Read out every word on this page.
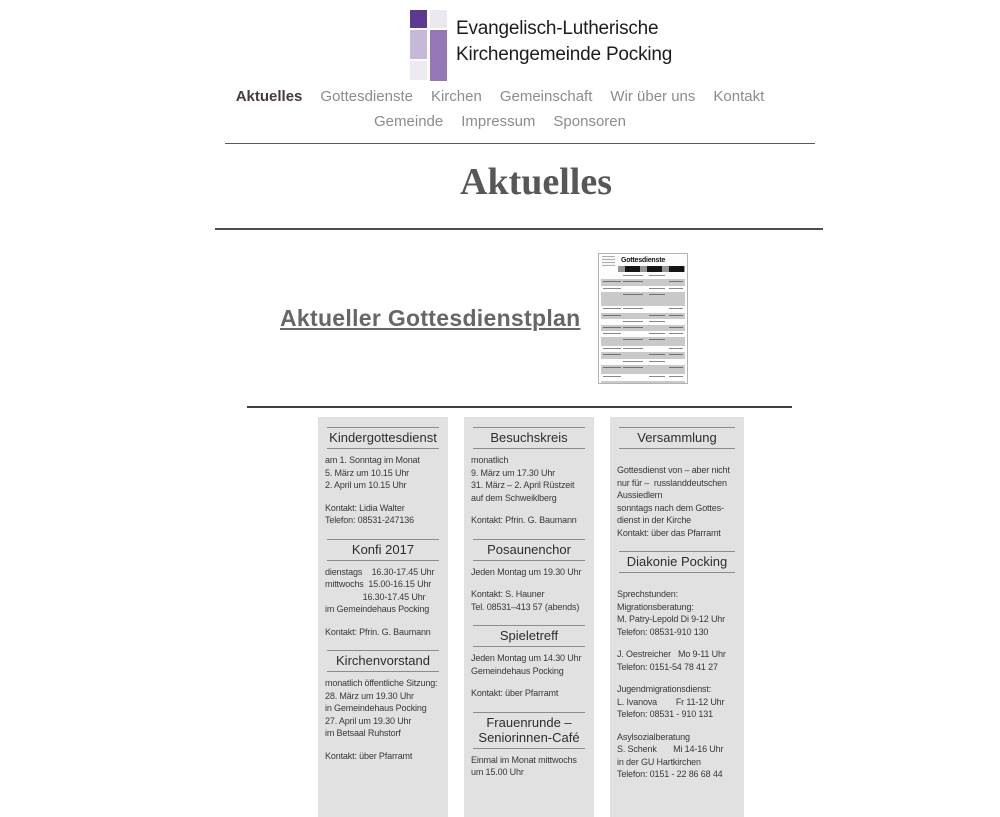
Evangelisch-Lutherische
Kirchengemeinde Pocking
Aktuelles Gottesdienste Kirchen Gemeinschaft Wir über uns Kontakt
Gemeinde Impressum Sponsoren
Aktuelles
Aktueller Gottesdienstplan
Gottesdienste
Kindergottesdienst
am 1. Sonntag im Monat
5. März um 10.15 Uhr
2. April um 10.15 Uhr
Kontakt: Lidia Walter
Telefon: 08531-247136
Konfi 2017
dienstags    16.30-17.45 Uhr
mittwochs  15.00-16.15 Uhr
16.30-17.45 Uhr
im Gemeindehaus Pocking
Kontakt: Pfrin. G. Baumann
Kirchenvorstand
monatlich öffentliche Sitzung:
28. März um 19.30 Uhr
in Gemeindehaus Pocking
27. April um 19.30 Uhr
im Betsaal Ruhstorf
Kontakt: über Pfarramt
Besuchskreis
monatlich
9. März um 17.30 Uhr
31. März – 2. April Rüstzeit
auf dem Schweiklberg
Kontakt: Pfrin. G. Baumann
Posaunenchor
Jeden Montag um 19.30 Uhr
Kontakt: S. Hauner
Tel. 08531–413 57 (abends)
Spieletreff
Jeden Montag um 14.30 Uhr
Gemeindehaus Pocking
Kontakt: über Pfarramt
Frauenrunde – Seniorinnen-Café
Einmal im Monat mittwochs
um 15.00 Uhr
Versammlung
Gottesdienst von – aber nicht
nur für –  russlanddeutschen
Aussiedlern
sonntags nach dem Gottes-
dienst in der Kirche
Kontakt: über das Pfarramt
Diakonie Pocking
Sprechstunden:
Migrationsberatung:
M. Patry-Lepold Di 9-12 Uhr
Telefon: 08531-910 130
J. Oestreicher   Mo 9-11 Uhr
Telefon: 0151-54 78 41 27
Jugendmigrationsdienst:
L. Ivanova        Fr 11-12 Uhr
Telefon: 08531 - 910 131
Asylsozialberatung
S. Schenk       Mi 14-16 Uhr
in der GU Hartkirchen
Telefon: 0151 - 22 86 68 44
